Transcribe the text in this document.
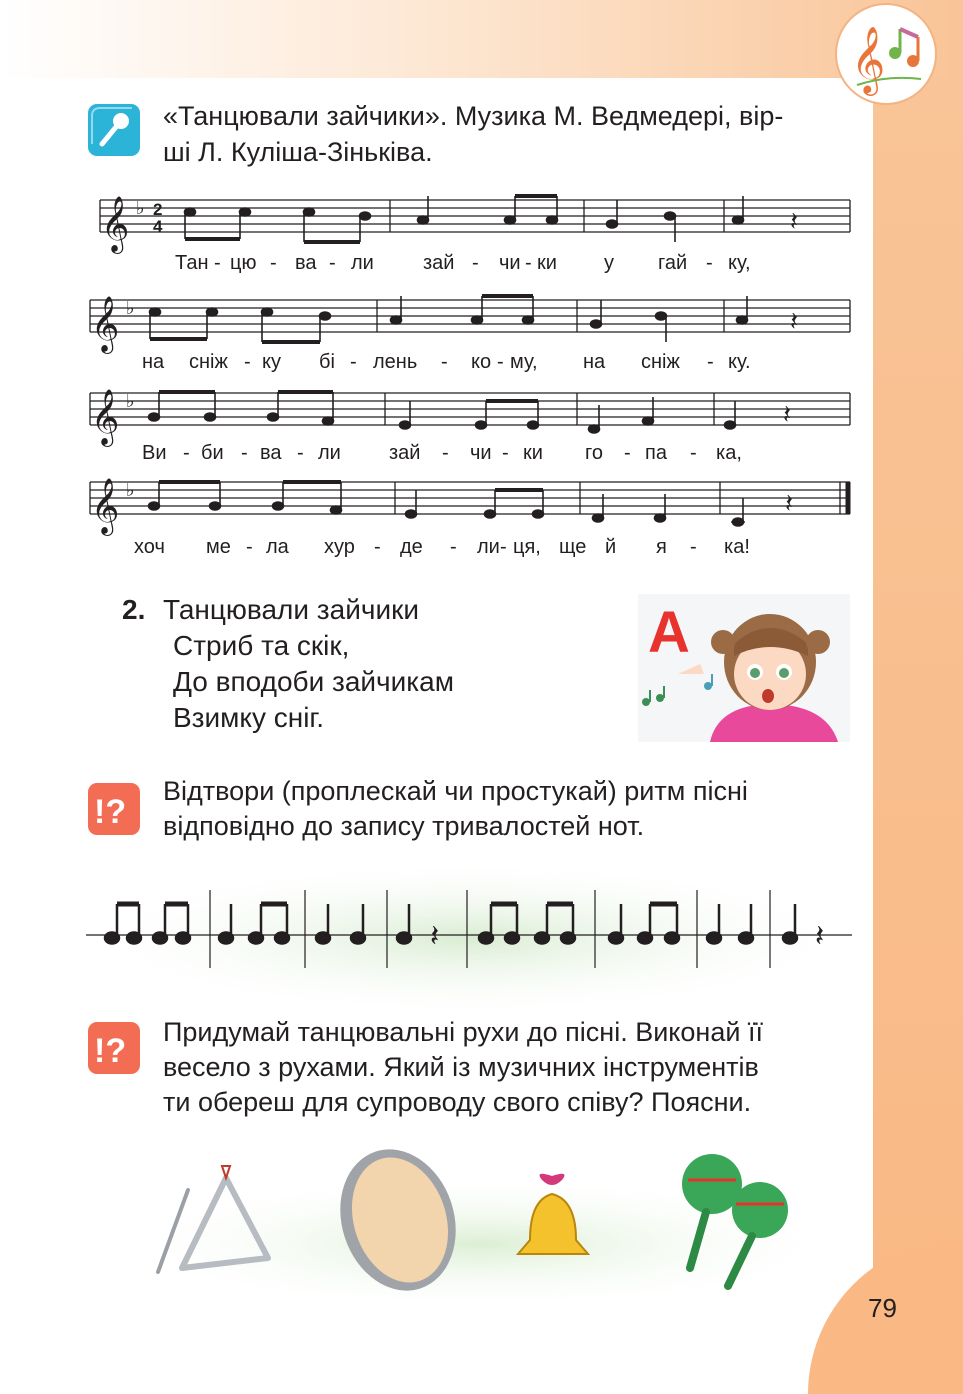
𝄞
«Танцювали зайчики». Музика М. Ведмедері, вір-
ші Л. Куліша-Зіньківа.
𝄞
𝄞
𝄞
𝄞
♭
♭
♭
♭
2
4	𝄽
𝄽
𝄽
𝄽
Тан - цю - ва - ли зай - чи - ки у гай - ку,
на сніж - ку бі - лень - ко - му, на сніж - ку.
Ви - би - ва - ли зай - чи - ки го - па - ка,
хоч ме - ла хур - де - ли - ця, ще й я - ка!
2. Танцювали зайчики
Стриб та скік,
До вподоби зайчикам
Взимку сніг.
A
!?
Відтвори (проплескай чи простукай) ритм пісні
відповідно до запису тривалостей нот.
𝄽	𝄽
!? Придумай танцювальні рухи до пісні. Виконай її
весело з рухами. Який із музичних інструментів
ти обереш для супроводу свого співу? Поясни.
79
